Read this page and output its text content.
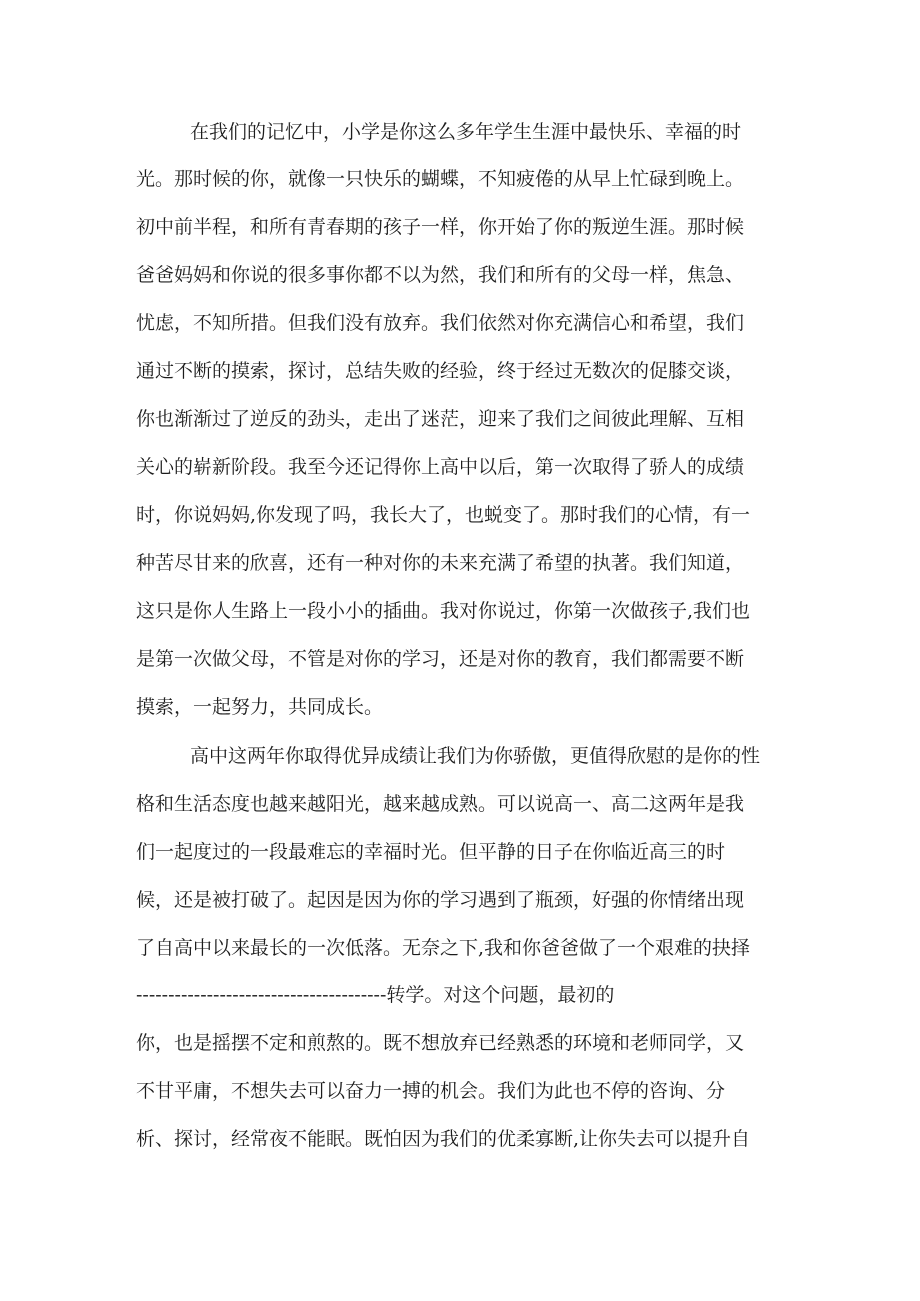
在我们的记忆中，小学是你这么多年学生生涯中最快乐、幸福的时
光。那时候的你，就像一只快乐的蝴蝶，不知疲倦的从早上忙碌到晚上。
初中前半程，和所有青春期的孩子一样，你开始了你的叛逆生涯。那时候
爸爸妈妈和你说的很多事你都不以为然，我们和所有的父母一样，焦急、
忧虑，不知所措。但我们没有放弃。我们依然对你充满信心和希望，我们
通过不断的摸索，探讨，总结失败的经验，终于经过无数次的促膝交谈，
你也渐渐过了逆反的劲头，走出了迷茫，迎来了我们之间彼此理解、互相
关心的崭新阶段。我至今还记得你上高中以后，第一次取得了骄人的成绩
时，你说妈妈,你发现了吗，我长大了，也蜕变了。那时我们的心情，有一
种苦尽甘来的欣喜，还有一种对你的未来充满了希望的执著。我们知道，
这只是你人生路上一段小小的插曲。我对你说过，你第一次做孩子,我们也
是第一次做父母，不管是对你的学习，还是对你的教育，我们都需要不断
摸索，一起努力，共同成长。
高中这两年你取得优异成绩让我们为你骄傲，更值得欣慰的是你的性
格和生活态度也越来越阳光，越来越成熟。可以说高一、高二这两年是我
们一起度过的一段最难忘的幸福时光。但平静的日子在你临近高三的时
候，还是被打破了。起因是因为你的学习遇到了瓶颈，好强的你情绪出现
了自高中以来最长的一次低落。无奈之下,我和你爸爸做了一个艰难的抉择
---------------------------------------转学。对这个问题，最初的
你，也是摇摆不定和煎熬的。既不想放弃已经熟悉的环境和老师同学，又
不甘平庸，不想失去可以奋力一搏的机会。我们为此也不停的咨询、分
析、探讨，经常夜不能眠。既怕因为我们的优柔寡断,让你失去可以提升自
